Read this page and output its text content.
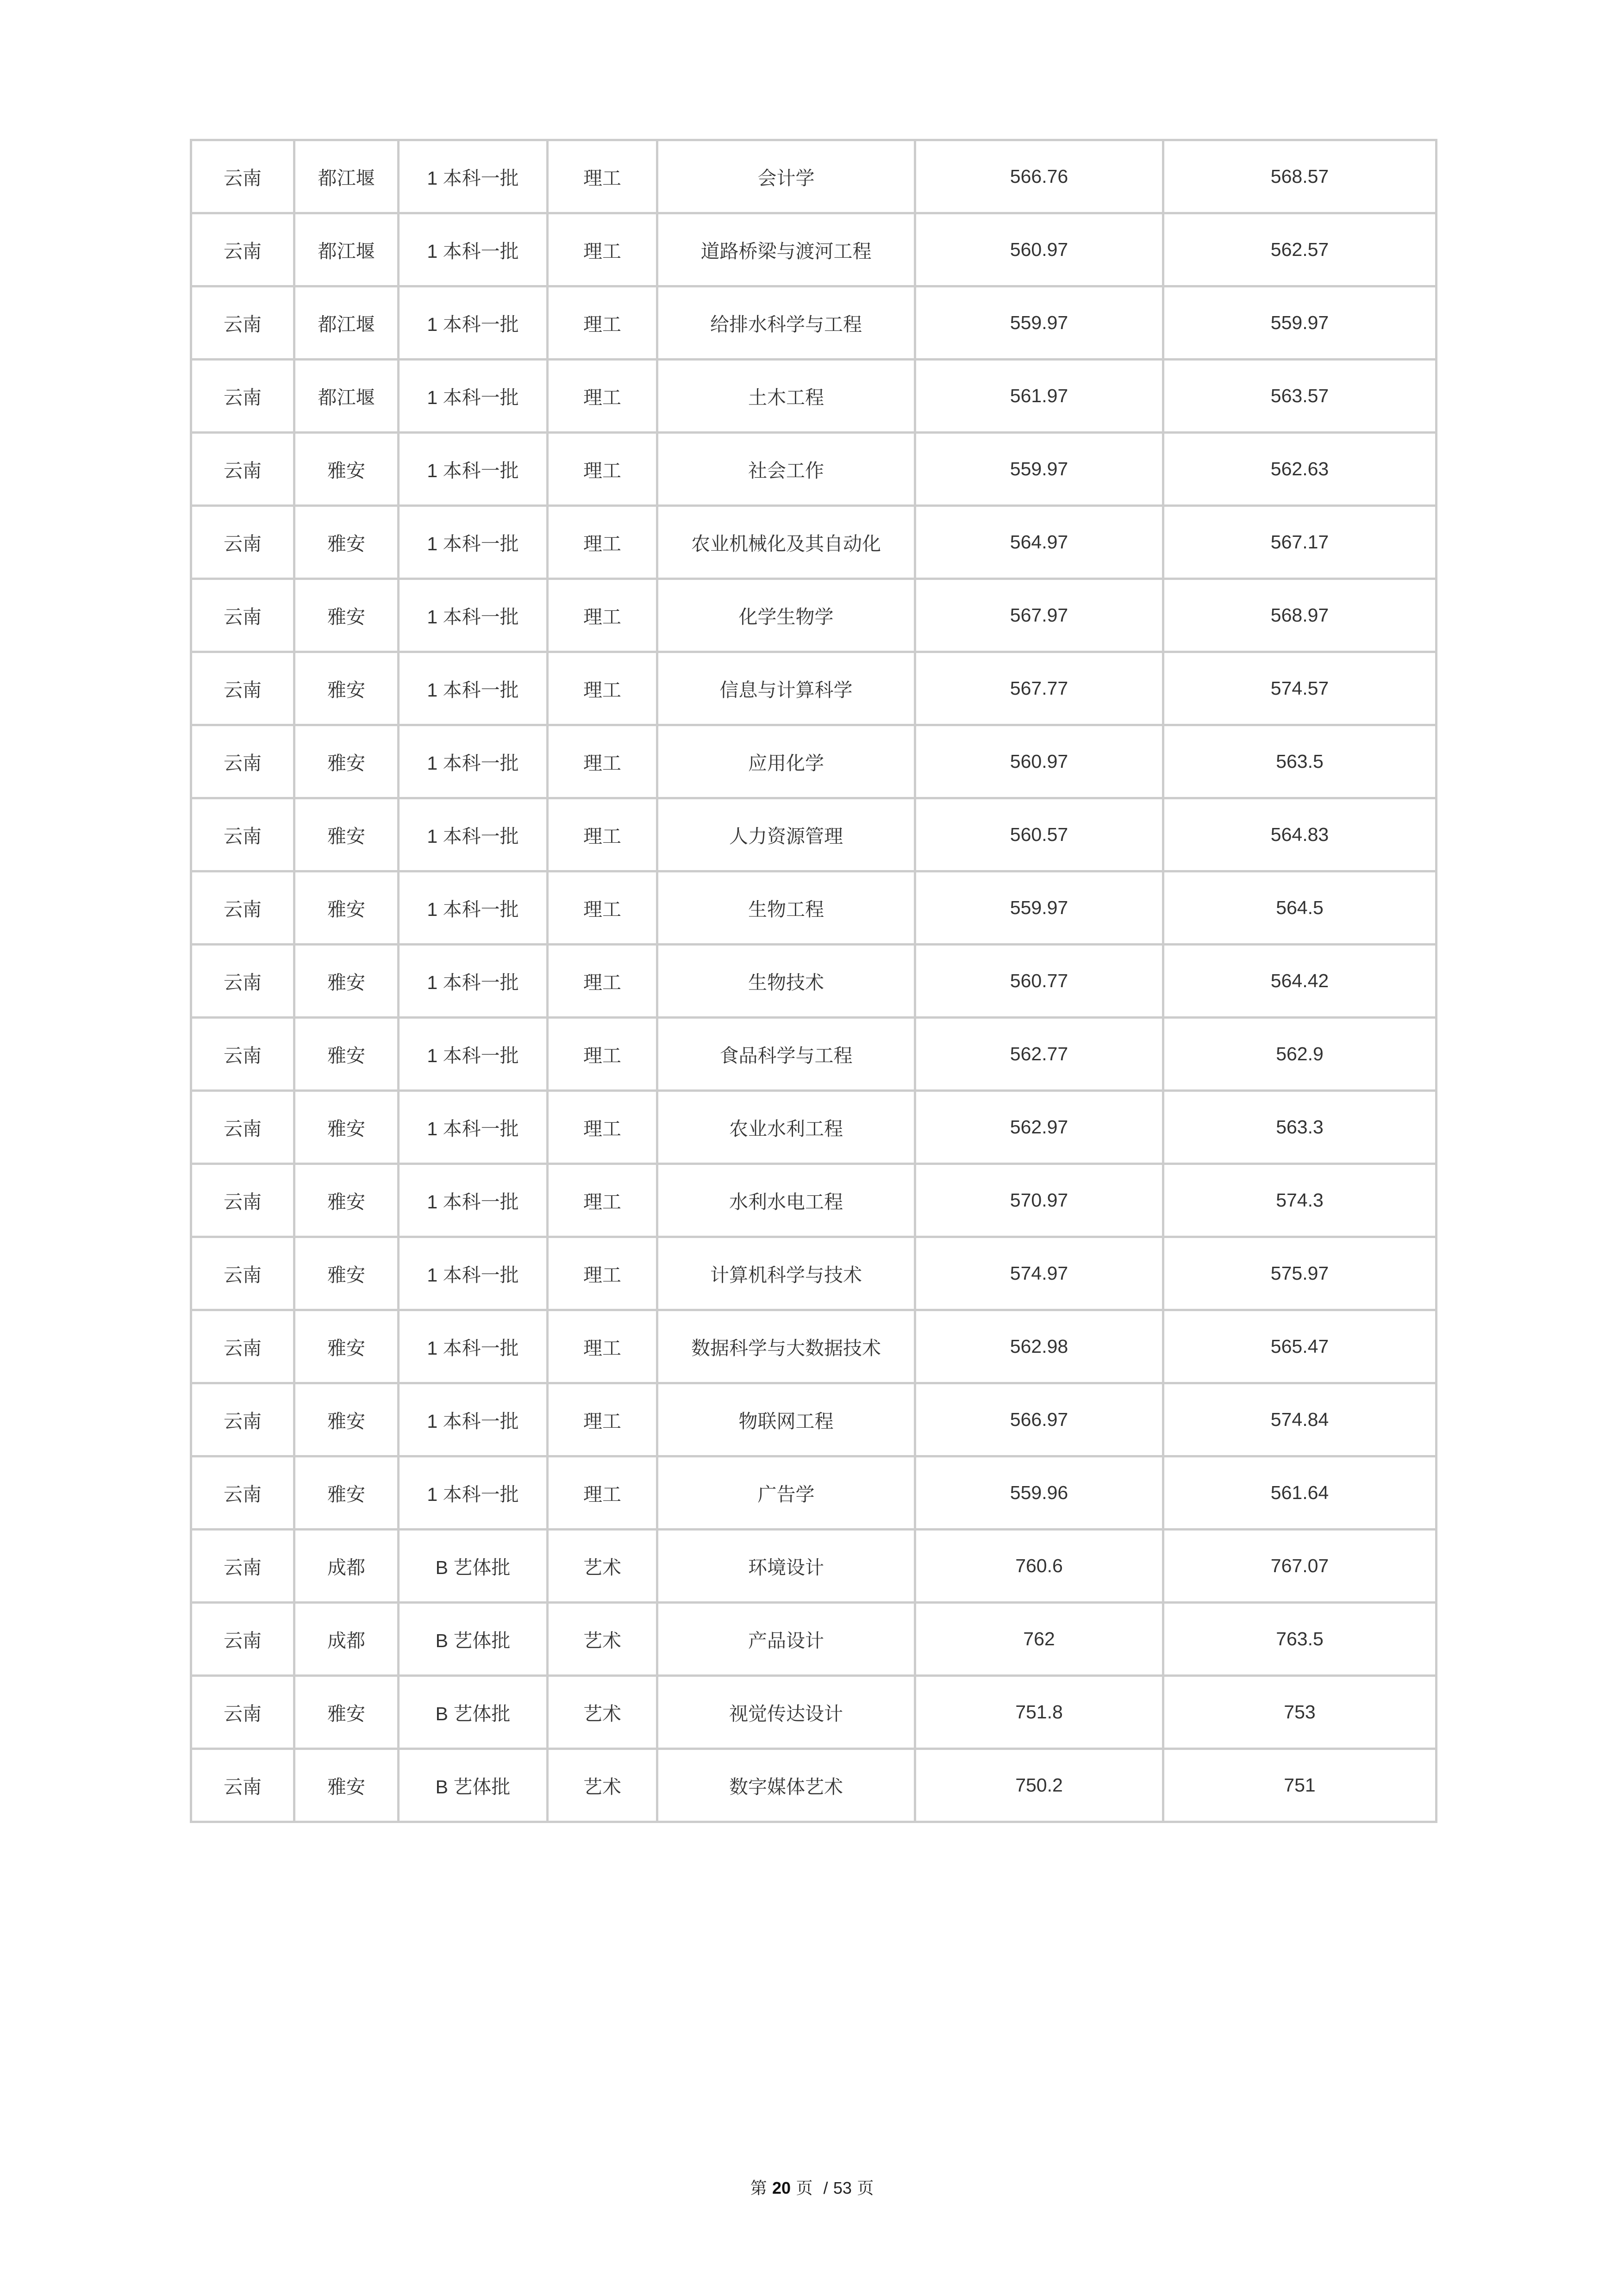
云南	都江堰	1 本科一批	理工	会计学	566.76	568.57
云南	都江堰	1 本科一批	理工	道路桥梁与渡河工程	560.97	562.57
云南	都江堰	1 本科一批	理工	给排水科学与工程	559.97	559.97
云南	都江堰	1 本科一批	理工	土木工程	561.97	563.57
云南	雅安	1 本科一批	理工	社会工作	559.97	562.63
云南	雅安	1 本科一批	理工	农业机械化及其自动化	564.97	567.17
云南	雅安	1 本科一批	理工	化学生物学	567.97	568.97
云南	雅安	1 本科一批	理工	信息与计算科学	567.77	574.57
云南	雅安	1 本科一批	理工	应用化学	560.97	563.5
云南	雅安	1 本科一批	理工	人力资源管理	560.57	564.83
云南	雅安	1 本科一批	理工	生物工程	559.97	564.5
云南	雅安	1 本科一批	理工	生物技术	560.77	564.42
云南	雅安	1 本科一批	理工	食品科学与工程	562.77	562.9
云南	雅安	1 本科一批	理工	农业水利工程	562.97	563.3
云南	雅安	1 本科一批	理工	水利水电工程	570.97	574.3
云南	雅安	1 本科一批	理工	计算机科学与技术	574.97	575.97
云南	雅安	1 本科一批	理工	数据科学与大数据技术	562.98	565.47
云南	雅安	1 本科一批	理工	物联网工程	566.97	574.84
云南	雅安	1 本科一批	理工	广告学	559.96	561.64
云南	成都	B 艺体批	艺术	环境设计	760.6	767.07
云南	成都	B 艺体批	艺术	产品设计	762	763.5
云南	雅安	B 艺体批	艺术	视觉传达设计	751.8	753
云南	雅安	B 艺体批	艺术	数字媒体艺术	750.2	751
第 20 页 / 53 页
